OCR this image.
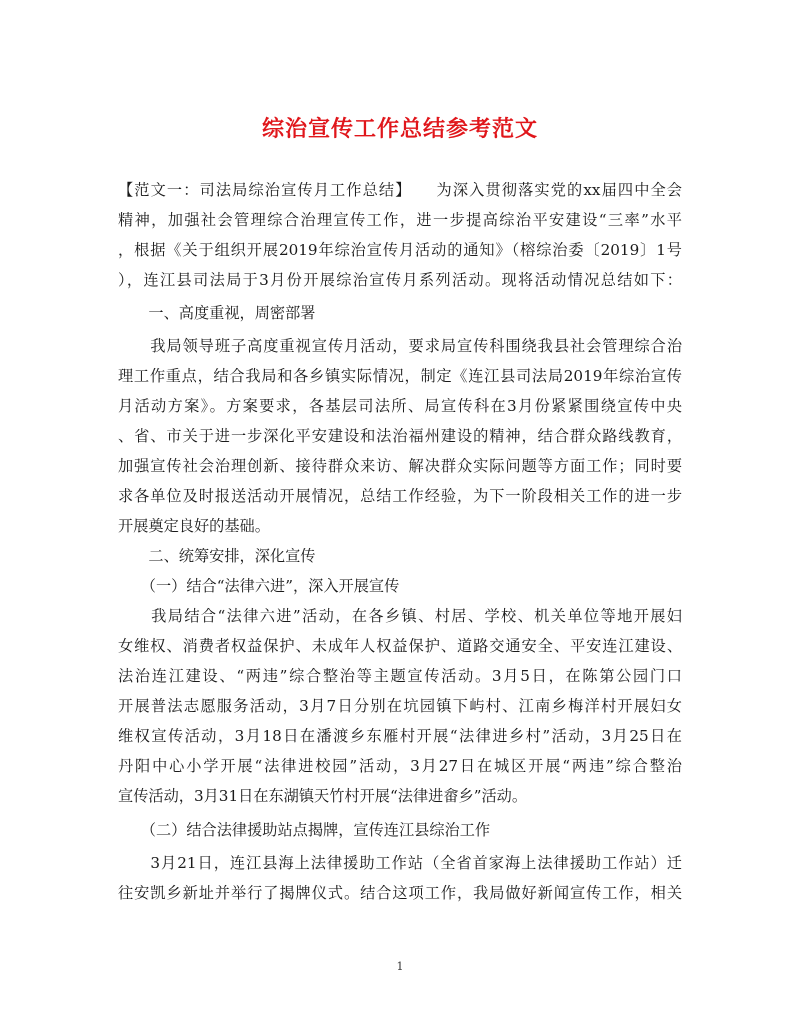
综治宣传工作总结参考范文

【范文一：司法局综治宣传月工作总结】　　为深入贯彻落实党的xx届四中全会

精神，加强社会管理综合治理宣传工作，进一步提高综治平安建设“三率”水平

，根据《关于组织开展2019年综治宣传月活动的通知》（榕综治委〔2019〕1号

），连江县司法局于3月份开展综治宣传月系列活动。现将活动情况总结如下：

　　一、高度重视，周密部署

　　我局领导班子高度重视宣传月活动，要求局宣传科围绕我县社会管理综合治

理工作重点，结合我局和各乡镇实际情况，制定《连江县司法局2019年综治宣传

月活动方案》。方案要求，各基层司法所、局宣传科在3月份紧紧围绕宣传中央

、省、市关于进一步深化平安建设和法治福州建设的精神，结合群众路线教育，

加强宣传社会治理创新、接待群众来访、解决群众实际问题等方面工作；同时要

求各单位及时报送活动开展情况，总结工作经验，为下一阶段相关工作的进一步

开展奠定良好的基础。

　　二、统筹安排，深化宣传

　　（一）结合“法律六进”，深入开展宣传

　　我局结合“法律六进”活动，在各乡镇、村居、学校、机关单位等地开展妇

女维权、消费者权益保护、未成年人权益保护、道路交通安全、平安连江建设、

法治连江建设、“两违”综合整治等主题宣传活动。3月5日，在陈第公园门口

开展普法志愿服务活动，3月7日分别在坑园镇下屿村、江南乡梅洋村开展妇女

维权宣传活动，3月18日在潘渡乡东雁村开展“法律进乡村”活动，3月25日在

丹阳中心小学开展“法律进校园”活动，3月27日在城区开展“两违”综合整治

宣传活动，3月31日在东湖镇天竹村开展“法律进畲乡”活动。

　　（二）结合法律援助站点揭牌，宣传连江县综治工作

　　3月21日，连江县海上法律援助工作站（全省首家海上法律援助工作站）迁

往安凯乡新址并举行了揭牌仪式。结合这项工作，我局做好新闻宣传工作，相关

1
